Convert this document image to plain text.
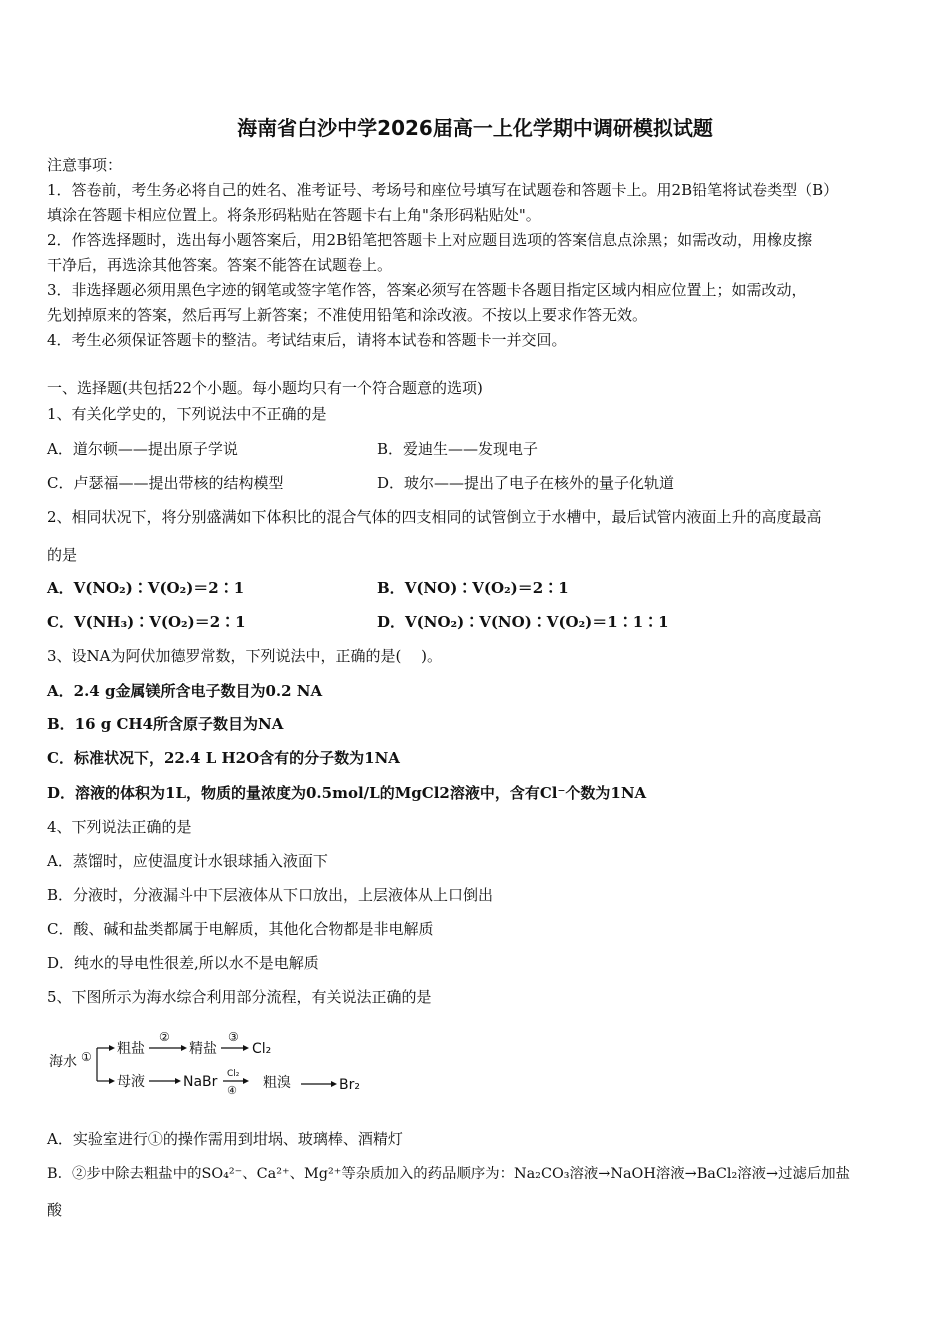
海南省白沙中学2026届高一上化学期中调研模拟试题
注意事项：
1．答卷前，考生务必将自己的姓名、准考证号、考场号和座位号填写在试题卷和答题卡上。用2B铅笔将试卷类型（B）
填涂在答题卡相应位置上。将条形码粘贴在答题卡右上角"条形码粘贴处"。
2．作答选择题时，选出每小题答案后，用2B铅笔把答题卡上对应题目选项的答案信息点涂黑；如需改动，用橡皮擦
干净后，再选涂其他答案。答案不能答在试题卷上。
3．非选择题必须用黑色字迹的钢笔或签字笔作答，答案必须写在答题卡各题目指定区域内相应位置上；如需改动，
先划掉原来的答案，然后再写上新答案；不准使用铅笔和涂改液。不按以上要求作答无效。
4．考生必须保证答题卡的整洁。考试结束后，请将本试卷和答题卡一并交回。
一、选择题(共包括22个小题。每小题均只有一个符合题意的选项)
1、有关化学史的，下列说法中不正确的是
A．道尔顿——提出原子学说	B．爱迪生——发现电子
C．卢瑟福——提出带核的结构模型	D．玻尔——提出了电子在核外的量子化轨道
2、相同状况下，将分别盛满如下体积比的混合气体的四支相同的试管倒立于水槽中，最后试管内液面上升的高度最高
的是
A．V(NO₂)∶V(O₂)＝2∶1	B．V(NO)∶V(O₂)＝2∶1
C．V(NH₃)∶V(O₂)＝2∶1	D．V(NO₂)∶V(NO)∶V(O₂)＝1∶1∶1
3、设NA为阿伏加德罗常数，下列说法中，正确的是(　 )。
A．2.4 g金属镁所含电子数目为0.2 NA
B．16 g CH4所含原子数目为NA
C．标准状况下，22.4 L H2O含有的分子数为1NA
D．溶液的体积为1L，物质的量浓度为0.5mol/L的MgCl2溶液中，含有Cl⁻个数为1NA
4、下列说法正确的是
A．蒸馏时，应使温度计水银球插入液面下
B．分液时，分液漏斗中下层液体从下口放出，上层液体从上口倒出
C．酸、碱和盐类都属于电解质，其他化合物都是非电解质
D．纯水的导电性很差,所以水不是电解质
5、下图所示为海水综合利用部分流程，有关说法正确的是
海水 ① 粗盐
②
精盐
③
Cl₂
母液	NaBr Cl₂
④ 粗溴	Br₂
A．实验室进行①的操作需用到坩埚、玻璃棒、酒精灯
B．②步中除去粗盐中的SO₄²⁻、Ca²⁺、Mg²⁺等杂质加入的药品顺序为：Na₂CO₃溶液→NaOH溶液→BaCl₂溶液→过滤后加盐
酸
